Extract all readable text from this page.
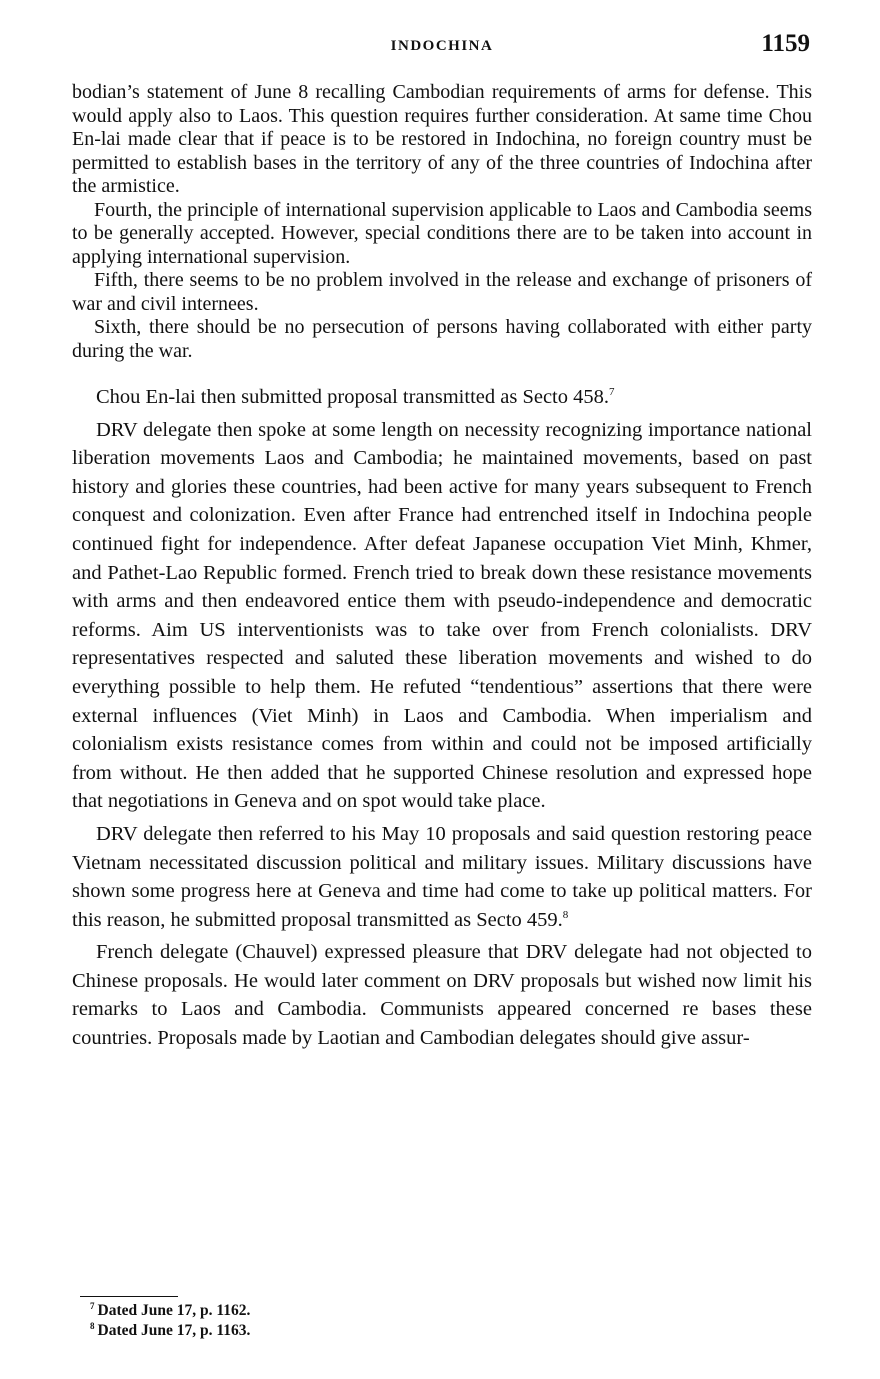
INDOCHINA	1159

bodian’s statement of June 8 recalling Cambodian requirements of arms for defense. This would apply also to Laos. This question requires further consideration. At same time Chou En-lai made clear that if peace is to be restored in Indochina, no foreign country must be permitted to establish bases in the territory of any of the three countries of Indochina after the armistice.

Fourth, the principle of international supervision applicable to Laos and Cambodia seems to be generally accepted. However, special conditions there are to be taken into account in applying international supervision.

Fifth, there seems to be no problem involved in the release and exchange of prisoners of war and civil internees.

Sixth, there should be no persecution of persons having collaborated with either party during the war.

Chou En-lai then submitted proposal transmitted as Secto 458.$^7$

DRV delegate then spoke at some length on necessity recognizing importance national liberation movements Laos and Cambodia; he maintained movements, based on past history and glories these countries, had been active for many years subsequent to French conquest and colonization. Even after France had entrenched itself in Indochina people continued fight for independence. After defeat Japanese occupation Viet Minh, Khmer, and Pathet-Lao Republic formed. French tried to break down these resistance movements with arms and then endeavored entice them with pseudo-independence and democratic reforms. Aim US interventionists was to take over from French colonialists. DRV representatives respected and saluted these liberation movements and wished to do everything possible to help them. He refuted “tendentious” assertions that there were external influences (Viet Minh) in Laos and Cambodia. When imperialism and colonialism exists resistance comes from within and could not be imposed artificially from without. He then added that he supported Chinese resolution and expressed hope that negotiations in Geneva and on spot would take place.

DRV delegate then referred to his May 10 proposals and said question restoring peace Vietnam necessitated discussion political and military issues. Military discussions have shown some progress here at Geneva and time had come to take up political matters. For this reason, he submitted proposal transmitted as Secto 459.$^8$

French delegate (Chauvel) expressed pleasure that DRV delegate had not objected to Chinese proposals. He would later comment on DRV proposals but wished now limit his remarks to Laos and Cambodia. Communists appeared concerned re bases these countries. Proposals made by Laotian and Cambodian delegates should give assur-

$^7$ Dated June 17, p. 1162.
$^8$ Dated June 17, p. 1163.
